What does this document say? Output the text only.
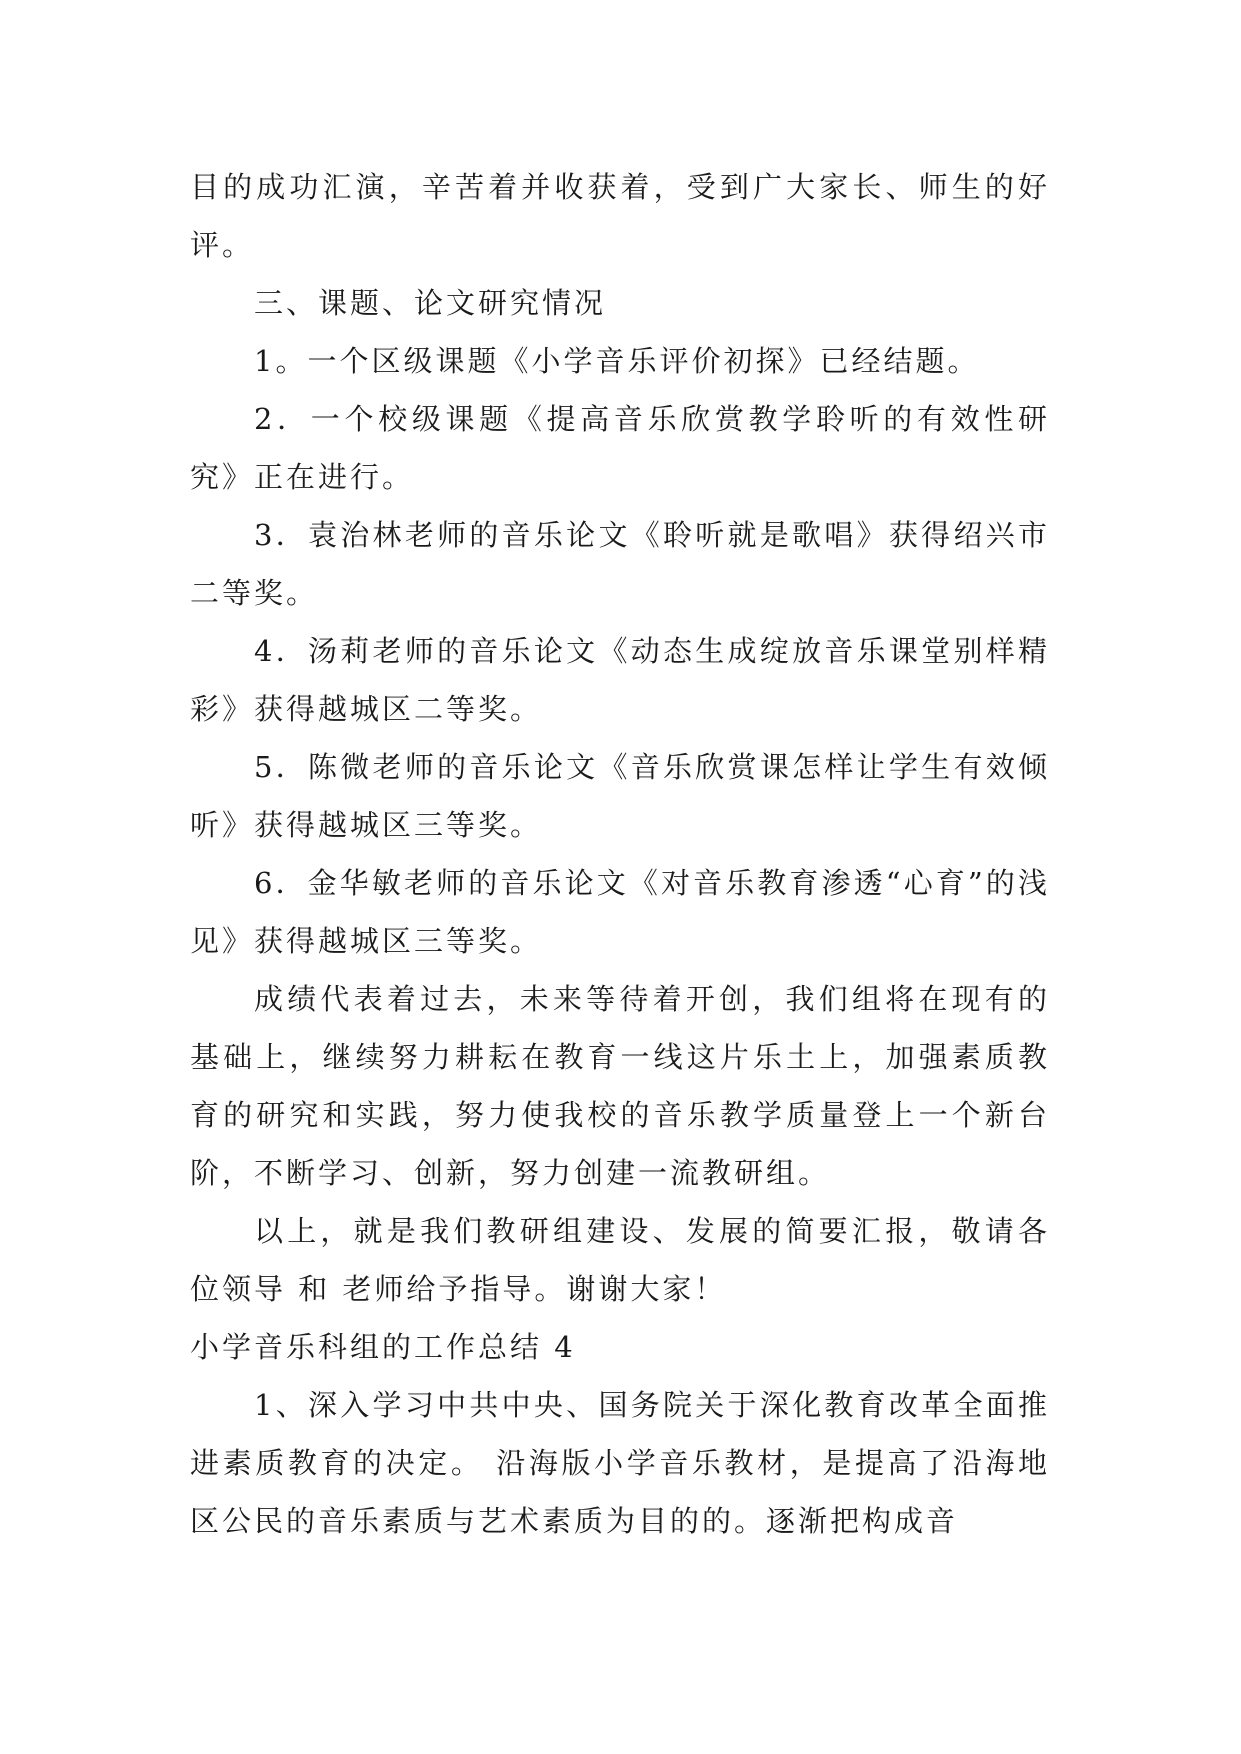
目的成功汇演，辛苦着并收获着，受到广大家长、师生的好评。

三、课题、论文研究情况

1。一个区级课题《小学音乐评价初探》已经结题。

2．一个校级课题《提高音乐欣赏教学聆听的有效性研究》正在进行。

3．袁治林老师的音乐论文《聆听就是歌唱》获得绍兴市二等奖。

4．汤莉老师的音乐论文《动态生成绽放音乐课堂别样精彩》获得越城区二等奖。

5．陈微老师的音乐论文《音乐欣赏课怎样让学生有效倾听》获得越城区三等奖。

6．金华敏老师的音乐论文《对音乐教育渗透“心育”的浅见》获得越城区三等奖。

成绩代表着过去，未来等待着开创，我们组将在现有的基础上，继续努力耕耘在教育一线这片乐土上，加强素质教育的研究和实践，努力使我校的音乐教学质量登上一个新台阶，不断学习、创新，努力创建一流教研组。

以上，就是我们教研组建设、发展的简要汇报，敬请各位领导 和 老师给予指导。谢谢大家！

小学音乐科组的工作总结 4

1、深入学习中共中央、国务院关于深化教育改革全面推进素质教育的决定。 沿海版小学音乐教材，是提高了沿海地区公民的音乐素质与艺术素质为目的的。逐渐把构成音
